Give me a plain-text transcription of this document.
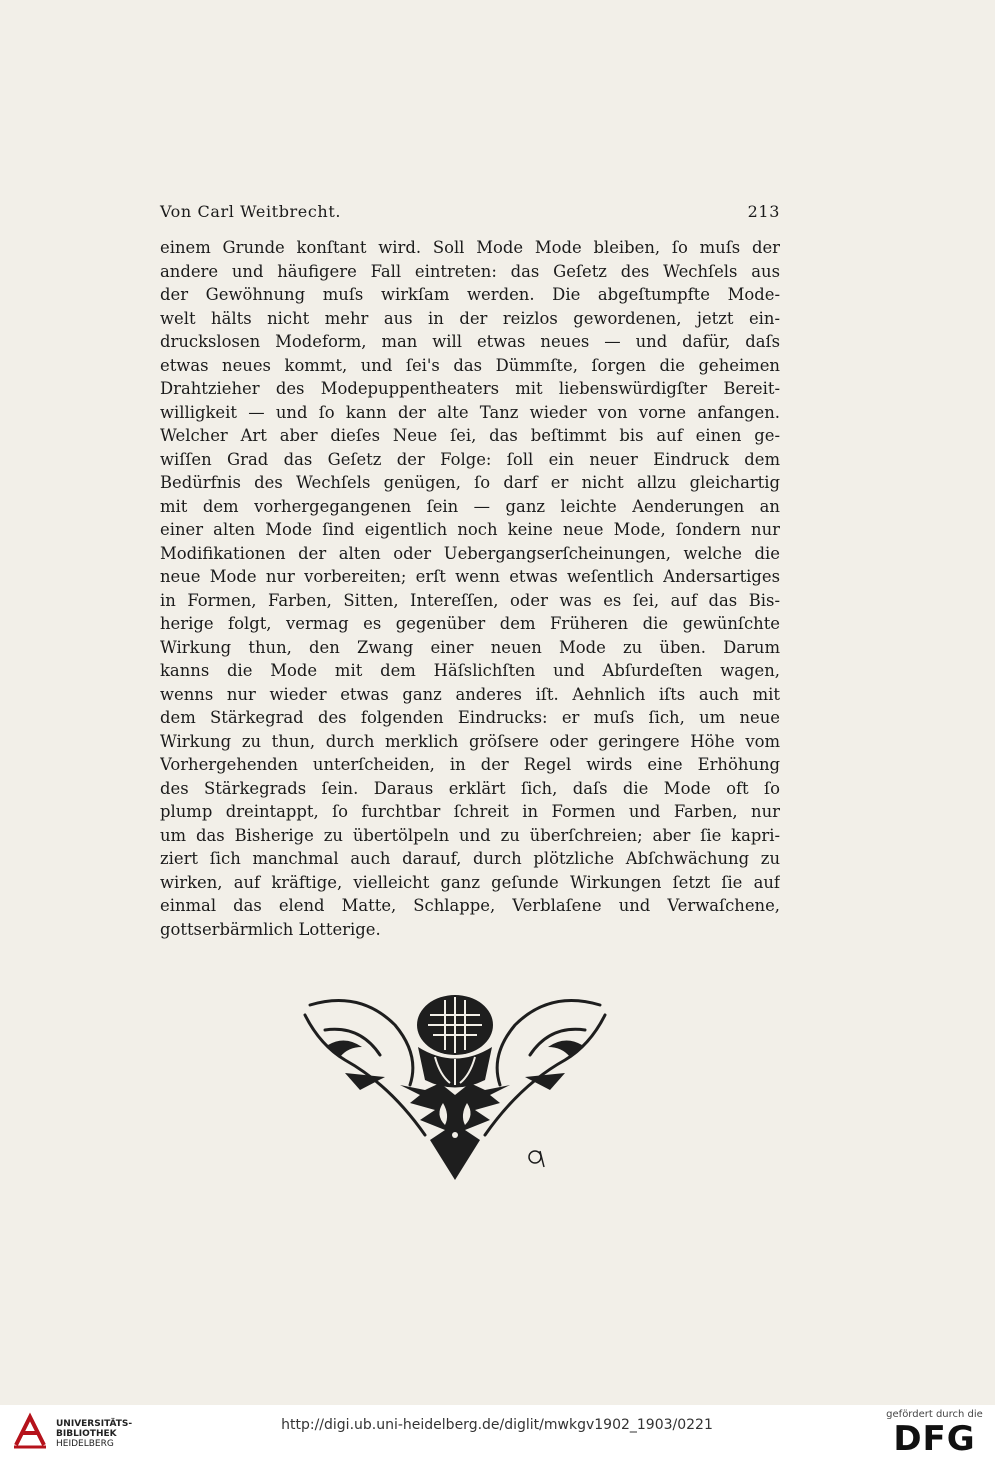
Von Carl Weitbrecht.	213
einem Grunde konſtant wird. Soll Mode Mode bleiben, ſo muſs der
andere und häufigere Fall eintreten: das Geſetz des Wechſels aus
der Gewöhnung muſs wirkſam werden. Die abgeſtumpfte Mode-
welt hälts nicht mehr aus in der reizlos gewordenen, jetzt ein-
druckslosen Modeform, man will etwas neues — und dafür, daſs
etwas neues kommt, und ſei's das Dümmſte, ſorgen die geheimen
Drahtzieher des Modepuppentheaters mit liebenswürdigſter Bereit-
willigkeit — und ſo kann der alte Tanz wieder von vorne anfangen.
Welcher Art aber dieſes Neue ſei, das beſtimmt bis auf einen ge-
wiſſen Grad das Geſetz der Folge: ſoll ein neuer Eindruck dem
Bedürfnis des Wechſels genügen, ſo darf er nicht allzu gleichartig
mit dem vorhergegangenen ſein — ganz leichte Aenderungen an
einer alten Mode ſind eigentlich noch keine neue Mode, ſondern nur
Modifikationen der alten oder Uebergangserſcheinungen, welche die
neue Mode nur vorbereiten; erſt wenn etwas weſentlich Andersartiges
in Formen, Farben, Sitten, Intereſſen, oder was es ſei, auf das Bis-
herige folgt, vermag es gegenüber dem Früheren die gewünſchte
Wirkung thun, den Zwang einer neuen Mode zu üben. Darum
kanns die Mode mit dem Häſslichſten und Abſurdeſten wagen,
wenns nur wieder etwas ganz anderes iſt. Aehnlich iſts auch mit
dem Stärkegrad des folgenden Eindrucks: er muſs ſich, um neue
Wirkung zu thun, durch merklich gröſsere oder geringere Höhe vom
Vorhergehenden unterſcheiden, in der Regel wirds eine Erhöhung
des Stärkegrads ſein. Daraus erklärt ſich, daſs die Mode oft ſo
plump dreintappt, ſo furchtbar ſchreit in Formen und Farben, nur
um das Bisherige zu übertölpeln und zu überſchreien; aber ſie kapri-
ziert ſich manchmal auch darauf, durch plötzliche Abſchwächung zu
wirken, auf kräftige, vielleicht ganz geſunde Wirkungen ſetzt ſie auf
einmal das elend Matte, Schlappe, Verblaſene und Verwaſchene,
gottserbärmlich Lotterige.
UNIVERSITÄTS-
BIBLIOTHEK
HEIDELBERG
http://digi.ub.uni-heidelberg.de/diglit/mwkgv1902_1903/0221
gefördert durch die
DFG
